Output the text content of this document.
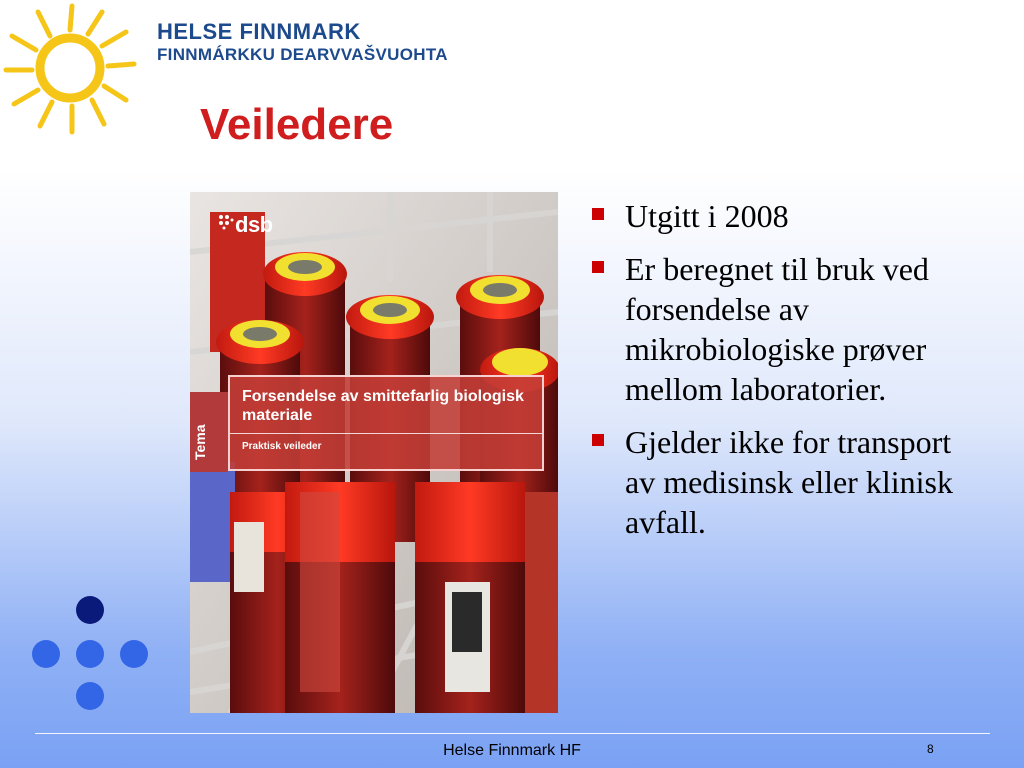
HELSE FINNMARK
FINNMÁRKKU DEARVVAŠVUOHTA
Veiledere
dsb
Tema
Forsendelse av smittefarlig biologisk materiale
Praktisk veileder
Utgitt i 2008
Er beregnet til bruk ved forsendelse av mikrobiologiske prøver mellom laboratorier.
Gjelder ikke for transport av medisinsk eller klinisk avfall.
Helse Finnmark HF	8
